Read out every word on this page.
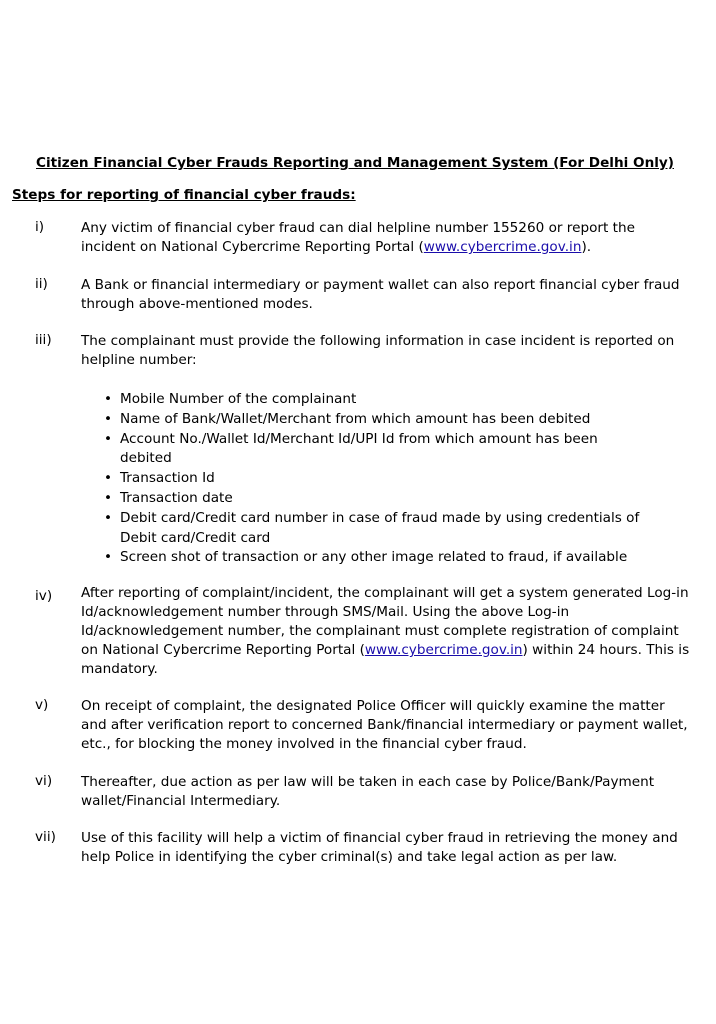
Citizen Financial Cyber Frauds Reporting and Management System (For Delhi Only)
Steps for reporting of financial cyber frauds:
i)	Any victim of financial cyber fraud can dial helpline number 155260 or report the incident on National Cybercrime Reporting Portal (www.cybercrime.gov.in).
ii) A Bank or financial intermediary or payment wallet can also report financial cyber fraud through above-mentioned modes.
iii) The complainant must provide the following information in case incident is reported on helpline number:
• Mobile Number of the complainant
• Name of Bank/Wallet/Merchant from which amount has been debited
• Account No./Wallet Id/Merchant Id/UPI Id from which amount has been debited
• Transaction Id
• Transaction date
• Debit card/Credit card number in case of fraud made by using credentials of Debit card/Credit card
• Screen shot of transaction or any other image related to fraud, if available
iv) After reporting of complaint/incident, the complainant will get a system generated Log-in Id/acknowledgement number through SMS/Mail. Using the above Log-in Id/acknowledgement number, the complainant must complete registration of complaint on National Cybercrime Reporting Portal (www.cybercrime.gov.in) within 24 hours. This is mandatory.
v) On receipt of complaint, the designated Police Officer will quickly examine the matter and after verification report to concerned Bank/financial intermediary or payment wallet, etc., for blocking the money involved in the financial cyber fraud.
vi) Thereafter, due action as per law will be taken in each case by Police/Bank/Payment wallet/Financial Intermediary.
vii) Use of this facility will help a victim of financial cyber fraud in retrieving the money and help Police in identifying the cyber criminal(s) and take legal action as per law.
